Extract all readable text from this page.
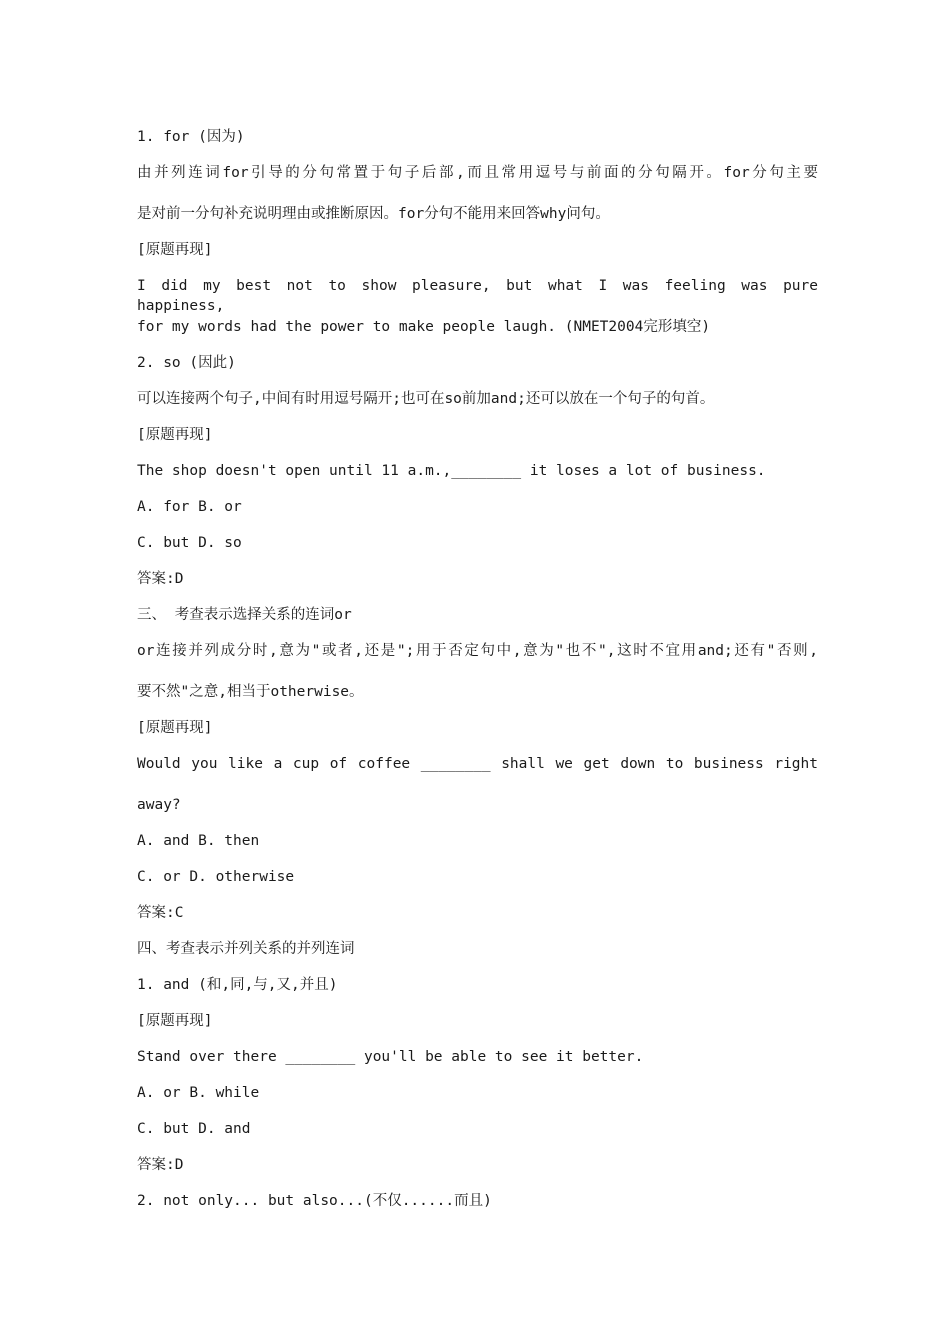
1. for (因为)
由并列连词for引导的分句常置于句子后部,而且常用逗号与前面的分句隔开。for分句主要
是对前一分句补充说明理由或推断原因。for分句不能用来回答why问句。
[原题再现]
I did my best not to show pleasure, but what I was feeling was pure happiness,
for my words had the power to make people laugh. (NMET2004完形填空)
2. so (因此)
可以连接两个句子,中间有时用逗号隔开;也可在so前加and;还可以放在一个句子的句首。
[原题再现]
The shop doesn't open until 11 a.m.,________ it loses a lot of business.
A. for B. or
C. but D. so
答案:D
三、 考查表示选择关系的连词or
or连接并列成分时,意为"或者,还是";用于否定句中,意为"也不",这时不宜用and;还有"否则,
要不然"之意,相当于otherwise。
[原题再现]
Would you like a cup of coffee ________ shall we get down to business right
away?
A. and B. then
C. or D. otherwise
答案:C
四、考查表示并列关系的并列连词
1. and (和,同,与,又,并且)
[原题再现]
Stand over there ________ you'll be able to see it better.
A. or B. while
C. but D. and
答案:D
2. not only... but also...(不仅......而且)
